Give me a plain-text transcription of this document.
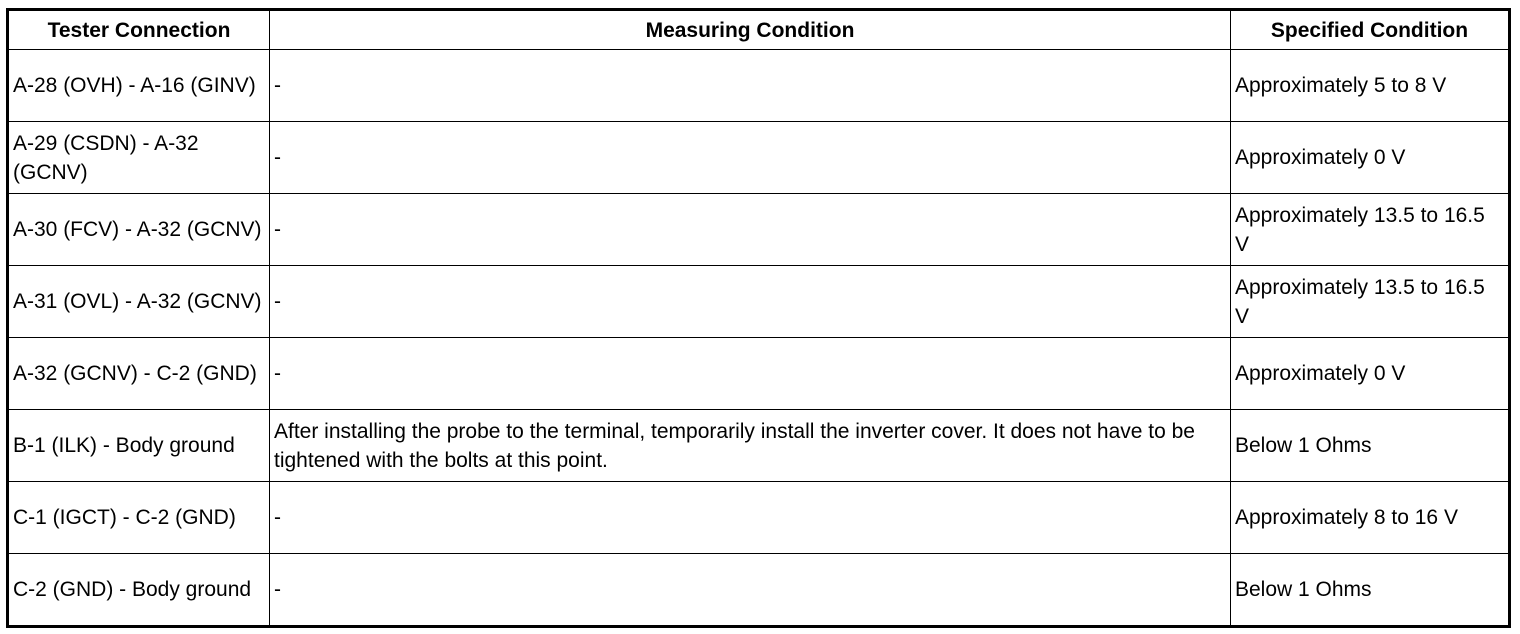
Tester Connection	Measuring Condition	Specified Condition
A-28 (OVH) - A-16 (GINV)	-	Approximately 5 to 8 V
A-29 (CSDN) - A-32 (GCNV)	-	Approximately 0 V
A-30 (FCV) - A-32 (GCNV)	-	Approximately 13.5 to 16.5 V
A-31 (OVL) - A-32 (GCNV)	-	Approximately 13.5 to 16.5 V
A-32 (GCNV) - C-2 (GND)	-	Approximately 0 V
B-1 (ILK) - Body ground	After installing the probe to the terminal, temporarily install the inverter cover. It does not have to be tightened with the bolts at this point.	Below 1 Ohms
C-1 (IGCT) - C-2 (GND)	-	Approximately 8 to 16 V
C-2 (GND) - Body ground	-	Below 1 Ohms
